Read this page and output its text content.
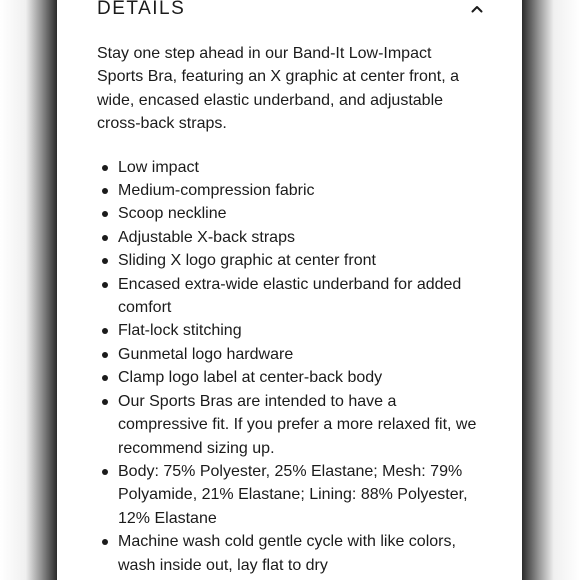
DETAILS

Stay one step ahead in our Band-It Low-Impact Sports Bra, featuring an X graphic at center front, a wide, encased elastic underband, and adjustable cross-back straps.

Low impact
Medium-compression fabric
Scoop neckline
Adjustable X-back straps
Sliding X logo graphic at center front
Encased extra-wide elastic underband for added comfort
Flat-lock stitching
Gunmetal logo hardware
Clamp logo label at center-back body
Our Sports Bras are intended to have a compressive fit. If you prefer a more relaxed fit, we recommend sizing up.
Body: 75% Polyester, 25% Elastane; Mesh: 79% Polyamide, 21% Elastane; Lining: 88% Polyester, 12% Elastane
Machine wash cold gentle cycle with like colors, wash inside out, lay flat to dry
